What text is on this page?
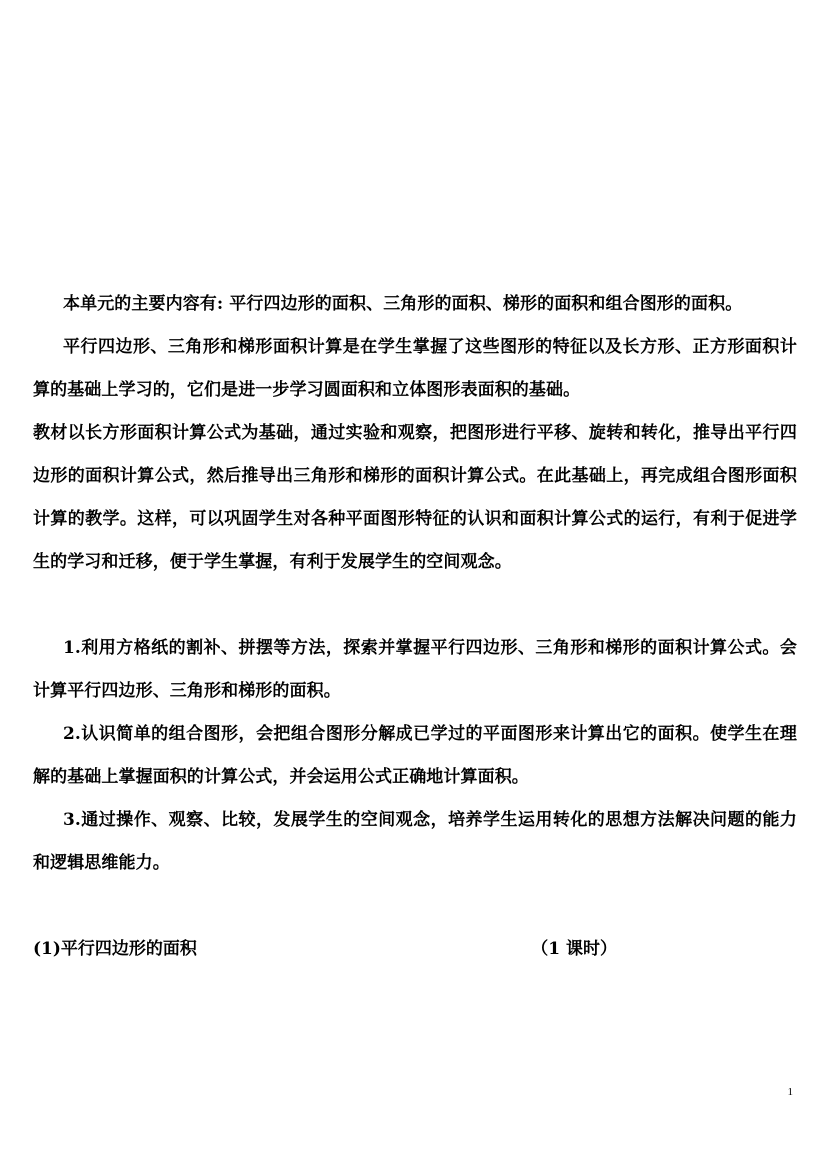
本单元的主要内容有: 平行四边形的面积、三角形的面积、梯形的面积和组合图形的面积。

平行四边形、三角形和梯形面积计算是在学生掌握了这些图形的特征以及长方形、正方形面积计算的基础上学习的，它们是进一步学习圆面积和立体图形表面积的基础。

教材以长方形面积计算公式为基础，通过实验和观察，把图形进行平移、旋转和转化，推导出平行四边形的面积计算公式，然后推导出三角形和梯形的面积计算公式。在此基础上，再完成组合图形面积计算的教学。这样，可以巩固学生对各种平面图形特征的认识和面积计算公式的运行，有利于促进学生的学习和迁移，便于学生掌握，有利于发展学生的空间观念。

1.利用方格纸的割补、拼摆等方法，探索并掌握平行四边形、三角形和梯形的面积计算公式。会计算平行四边形、三角形和梯形的面积。

2.认识简单的组合图形，会把组合图形分解成已学过的平面图形来计算出它的面积。使学生在理解的基础上掌握面积的计算公式，并会运用公式正确地计算面积。

3.通过操作、观察、比较，发展学生的空间观念，培养学生运用转化的思想方法解决问题的能力和逻辑思维能力。

(1)平行四边形的面积	（1 课时）
1
